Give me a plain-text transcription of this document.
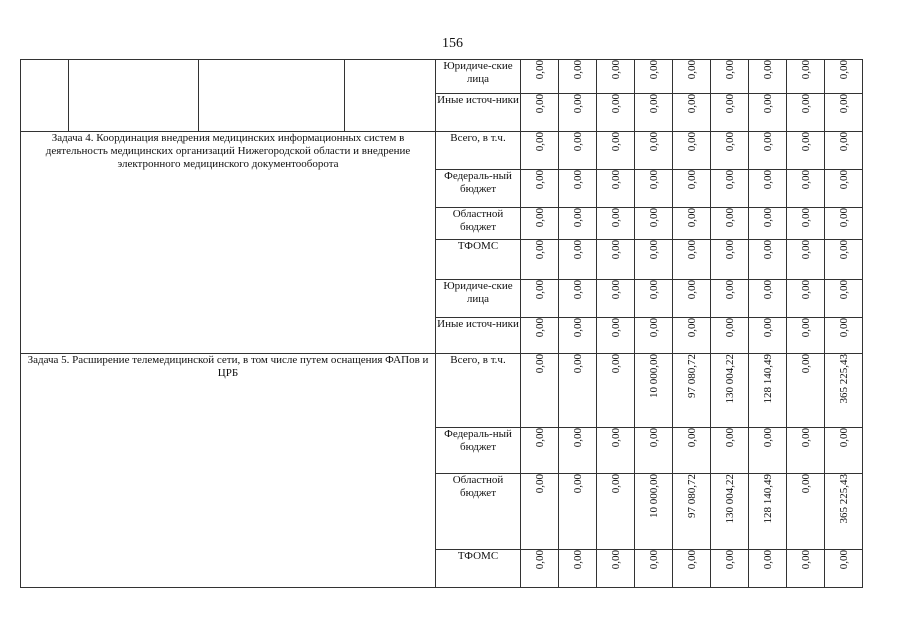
156
				Юридиче-ские лица	0,00	0,00	0,00	0,00	0,00	0,00	0,00	0,00	0,00
				Иные источ-ники	0,00	0,00	0,00	0,00	0,00	0,00	0,00	0,00	0,00
Задача 4. Координация внедрения медицинских информационных систем в деятельность медицинских организаций Нижегородской области и внедрение электронного медицинского документооборота				Всего, в т.ч.	0,00	0,00	0,00	0,00	0,00	0,00	0,00	0,00	0,00
				Федераль-ный бюджет	0,00	0,00	0,00	0,00	0,00	0,00	0,00	0,00	0,00
				Областной бюджет	0,00	0,00	0,00	0,00	0,00	0,00	0,00	0,00	0,00
				ТФОМС	0,00	0,00	0,00	0,00	0,00	0,00	0,00	0,00	0,00
				Юридиче-ские лица	0,00	0,00	0,00	0,00	0,00	0,00	0,00	0,00	0,00
				Иные источ-ники	0,00	0,00	0,00	0,00	0,00	0,00	0,00	0,00	0,00
Задача 5. Расширение телемедицинской сети, в том числе путем оснащения ФАПов и ЦРБ				Всего, в т.ч.	0,00	0,00	0,00	10 000,00	97 080,72	130 004,22	128 140,49	0,00	365 225,43
				Федераль-ный бюджет	0,00	0,00	0,00	0,00	0,00	0,00	0,00	0,00	0,00
				Областной бюджет	0,00	0,00	0,00	10 000,00	97 080,72	130 004,22	128 140,49	0,00	365 225,43
				ТФОМС	0,00	0,00	0,00	0,00	0,00	0,00	0,00	0,00	0,00
